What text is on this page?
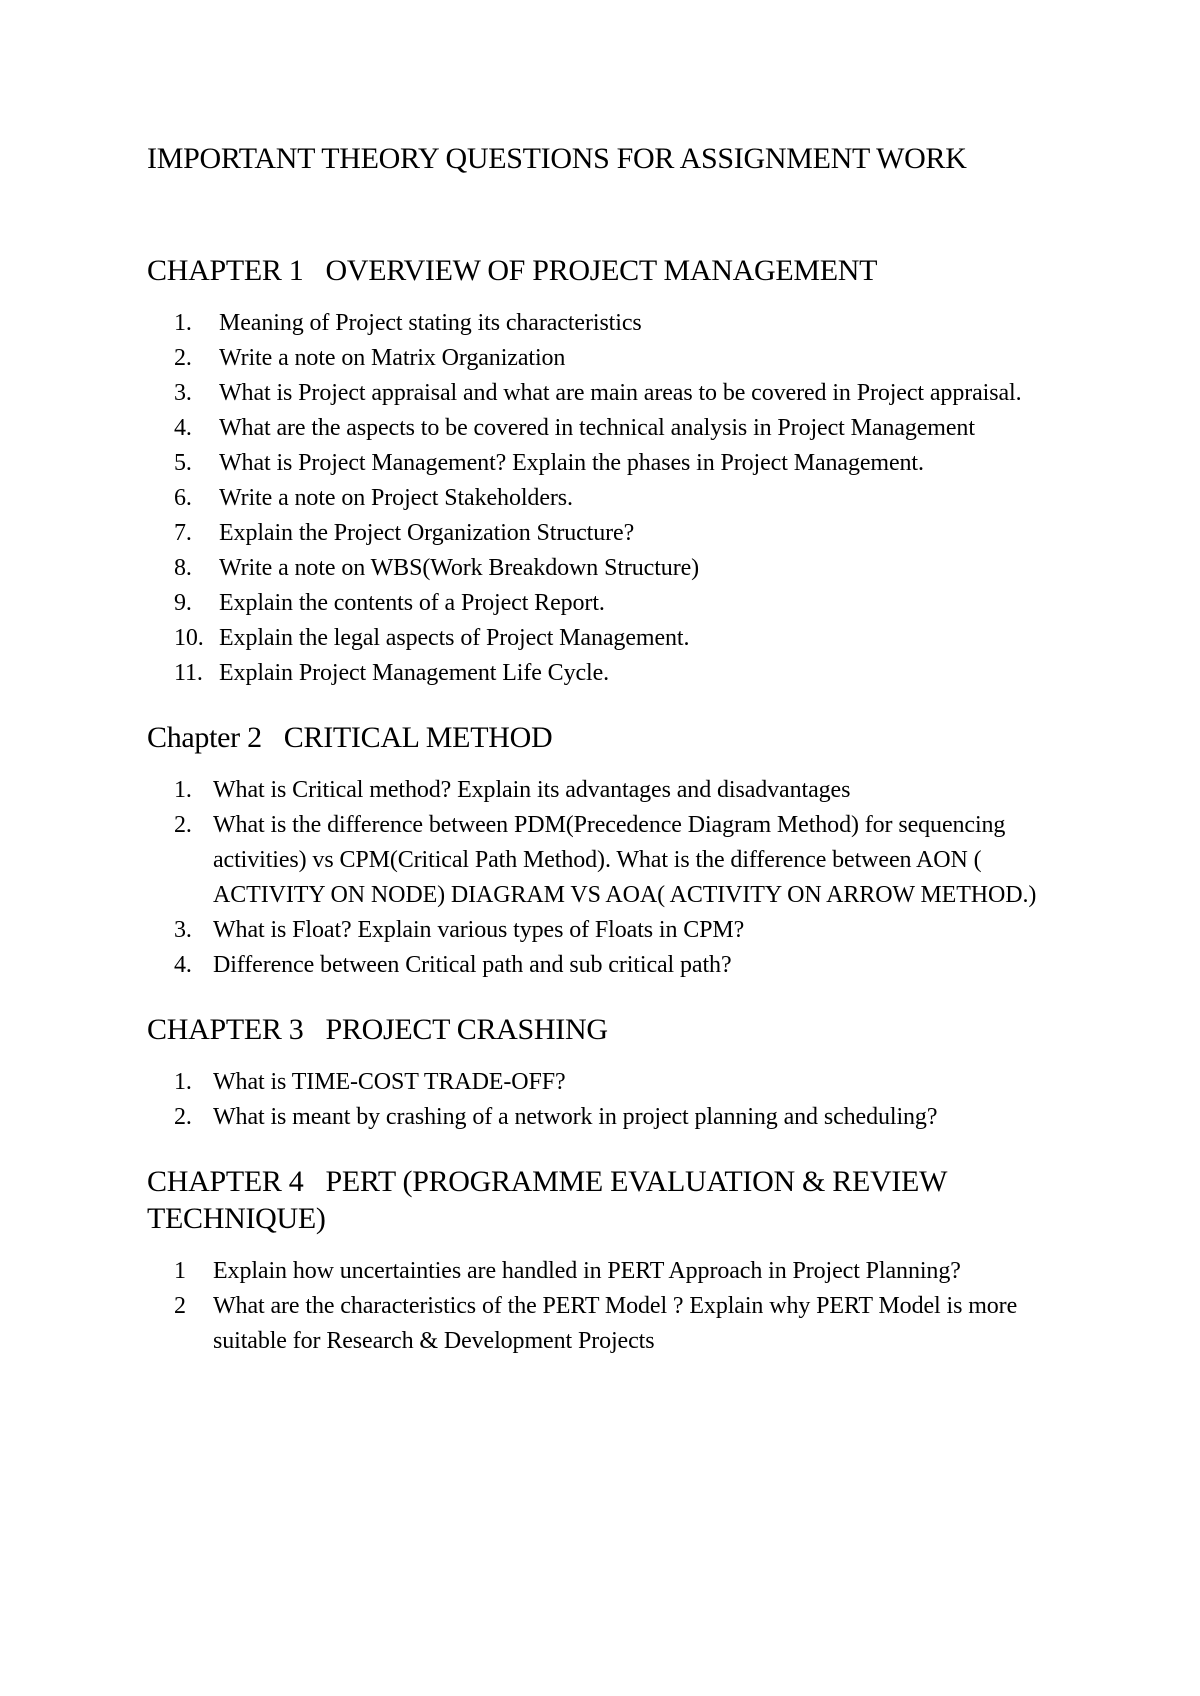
IMPORTANT THEORY QUESTIONS FOR ASSIGNMENT WORK
CHAPTER 1 OVERVIEW OF PROJECT MANAGEMENT
1. Meaning of Project stating its characteristics
2. Write a note on Matrix Organization
3. What is Project appraisal and what are main areas to be covered in Project appraisal.
4. What are the aspects to be covered in technical analysis in Project Management
5. What is Project Management? Explain the phases in Project Management.
6. Write a note on Project Stakeholders.
7. Explain the Project Organization Structure?
8. Write a note on WBS(Work Breakdown Structure)
9. Explain the contents of a Project Report.
10. Explain the legal aspects of Project Management.
11. Explain Project Management Life Cycle.
Chapter 2 CRITICAL METHOD
1. What is Critical method? Explain its advantages and disadvantages
2. What is the difference between PDM(Precedence Diagram Method) for sequencing activities) vs CPM(Critical Path Method). What is the difference between AON ( ACTIVITY ON NODE) DIAGRAM VS AOA( ACTIVITY ON ARROW METHOD.)
3. What is Float? Explain various types of Floats in CPM?
4. Difference between Critical path and sub critical path?
CHAPTER 3 PROJECT CRASHING
1. What is TIME-COST TRADE-OFF?
2. What is meant by crashing of a network in project planning and scheduling?
CHAPTER 4 PERT (PROGRAMME EVALUATION & REVIEW TECHNIQUE)
1 Explain how uncertainties are handled in PERT Approach in Project Planning?
2 What are the characteristics of the PERT Model ? Explain why PERT Model is more suitable for Research & Development Projects
